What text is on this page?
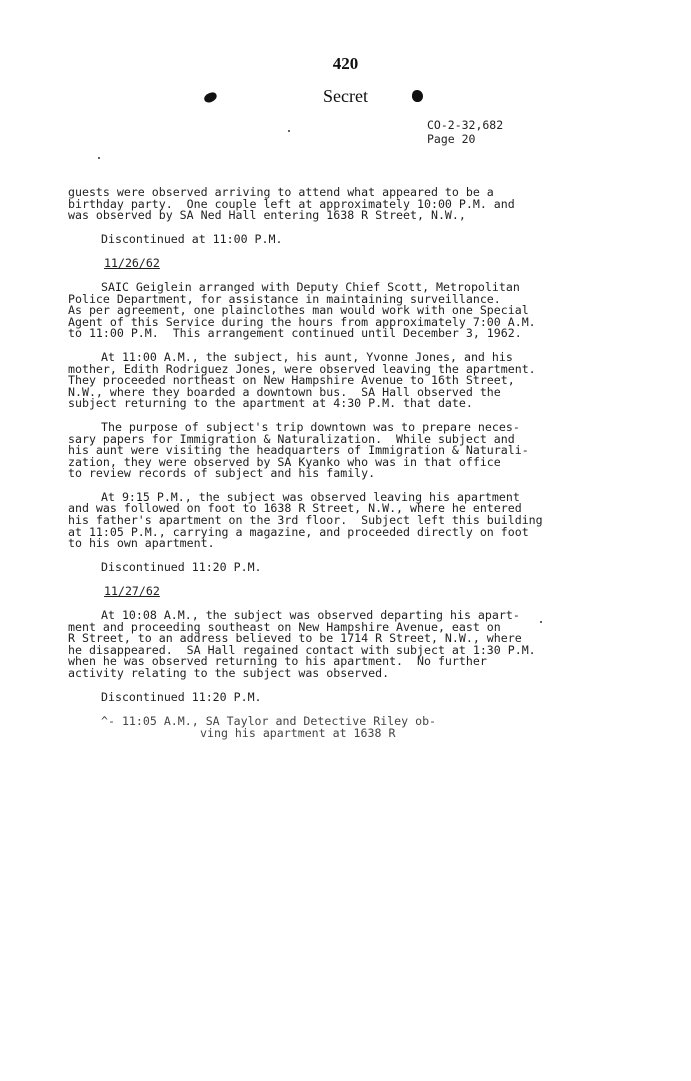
420
Secret
CO-2-32,682
Page 20
guests were observed arriving to attend what appeared to be a
birthday party.  One couple left at approximately 10:00 P.M. and
was observed by SA Ned Hall entering 1638 R Street, N.W.,
Discontinued at 11:00 P.M.
11/26/62
SAIC Geiglein arranged with Deputy Chief Scott, Metropolitan
Police Department, for assistance in maintaining surveillance.
As per agreement, one plainclothes man would work with one Special
Agent of this Service during the hours from approximately 7:00 A.M.
to 11:00 P.M.  This arrangement continued until December 3, 1962.
At 11:00 A.M., the subject, his aunt, Yvonne Jones, and his
mother, Edith Rodriguez Jones, were observed leaving the apartment.
They proceeded northeast on New Hampshire Avenue to 16th Street,
N.W., where they boarded a downtown bus.  SA Hall observed the
subject returning to the apartment at 4:30 P.M. that date.
The purpose of subject's trip downtown was to prepare neces-
sary papers for Immigration & Naturalization.  While subject and
his aunt were visiting the headquarters of Immigration & Naturali-
zation, they were observed by SA Kyanko who was in that office
to review records of subject and his family.
At 9:15 P.M., the subject was observed leaving his apartment
and was followed on foot to 1638 R Street, N.W., where he entered
his father's apartment on the 3rd floor.  Subject left this building
at 11:05 P.M., carrying a magazine, and proceeded directly on foot
to his own apartment.
Discontinued 11:20 P.M.
11/27/62
At 10:08 A.M., the subject was observed departing his apart-
ment and proceeding southeast on New Hampshire Avenue, east on
R Street, to an address believed to be 1714 R Street, N.W., where
he disappeared.  SA Hall regained contact with subject at 1:30 P.M.
when he was observed returning to his apartment.  No further
activity relating to the subject was observed.
Discontinued 11:20 P.M.
^- 11:05 A.M., SA Taylor and Detective Riley ob-
ving his apartment at 1638 R
